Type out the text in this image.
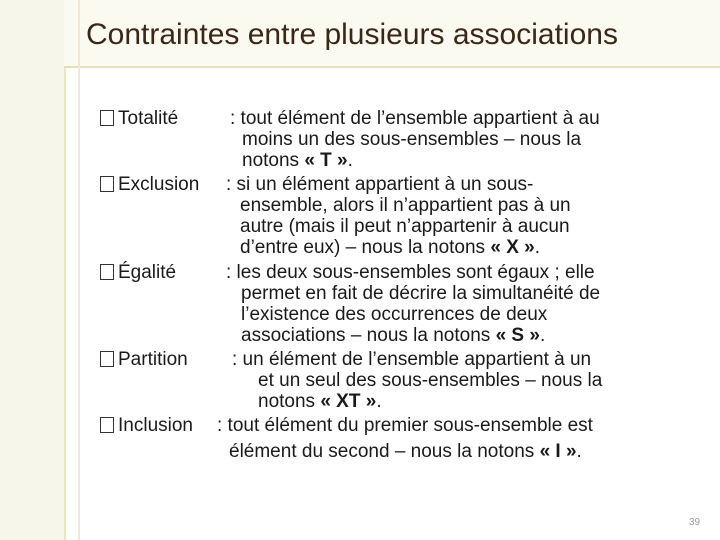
Contraintes entre plusieurs associations
Totalité	: tout élément de l’ensemble appartient à au
moins un des sous-ensembles – nous la
notons « T ».
Exclusion : si un élément appartient à un sous-
ensemble, alors il n’appartient pas à un
autre (mais il peut n’appartenir à aucun
d’entre eux) – nous la notons « X ».
Égalité	: les deux sous-ensembles sont égaux ; elle
permet en fait de décrire la simultanéité de
l’existence des occurrences de deux
associations – nous la notons « S ».
Partition : un élément de l’ensemble appartient à un
et un seul des sous-ensembles – nous la
notons « XT ».
Inclusion : tout élément du premier sous-ensemble est
élément du second – nous la notons « I ».
39
